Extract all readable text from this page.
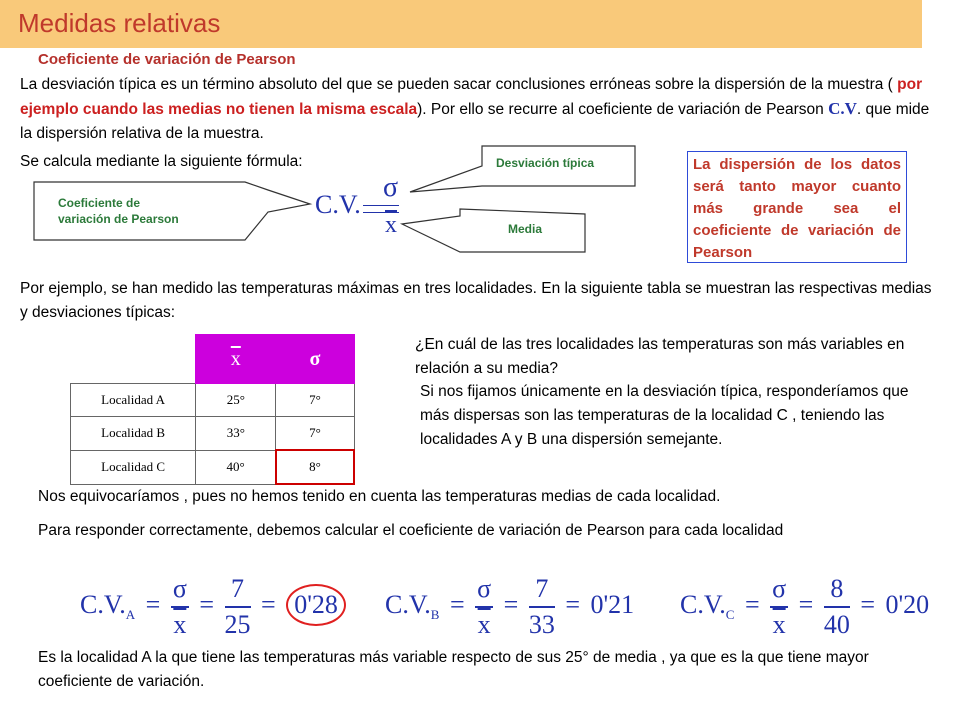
Medidas relativas
Coeficiente de variación de Pearson
La desviación típica es un término absoluto del que se pueden sacar conclusiones erróneas sobre la dispersión de la muestra ( por ejemplo cuando las medias no tienen la misma escala). Por ello se recurre al coeficiente de variación de Pearson C.V. que mide la dispersión relativa de la muestra.
Se calcula mediante la siguiente fórmula:	Desviación típica
Media
Coeficiente de
variación de Pearson	C.V.
σ
$\overline{x}$
La dispersión de los datos será tanto mayor cuanto más grande sea el coeficiente de variación de Pearson
Por ejemplo, se han medido las temperaturas máximas en tres localidades. En la siguiente tabla se muestran las respectivas medias y desviaciones típicas:
	$\overline{x}$	σ
Localidad A	25°	7°
Localidad B	33°	7°
Localidad C	40°	8°
¿En cuál de las tres localidades las temperaturas son más variables en relación a su media?
Si nos fijamos únicamente en la desviación típica, responderíamos que más dispersas son las temperaturas de la localidad C , teniendo las localidades A y B una dispersión semejante.
Nos equivocaríamos , pues no hemos tenido en cuenta las temperaturas medias de cada localidad.
Para responder correctamente, debemos calcular el coeficiente de variación de Pearson para cada localidad
$C.V._A = \frac{\sigma}{x} = \frac{7}{25} = 0'28$	$C.V._B = \frac{\sigma}{x} = \frac{7}{33} = 0'21$ $C.V._C = \frac{\sigma}{x} = \frac{8}{40} = 0'20$
Es la localidad A la que tiene las temperaturas más variable respecto de sus 25° de media , ya que es la que tiene mayor coeficiente de variación.
